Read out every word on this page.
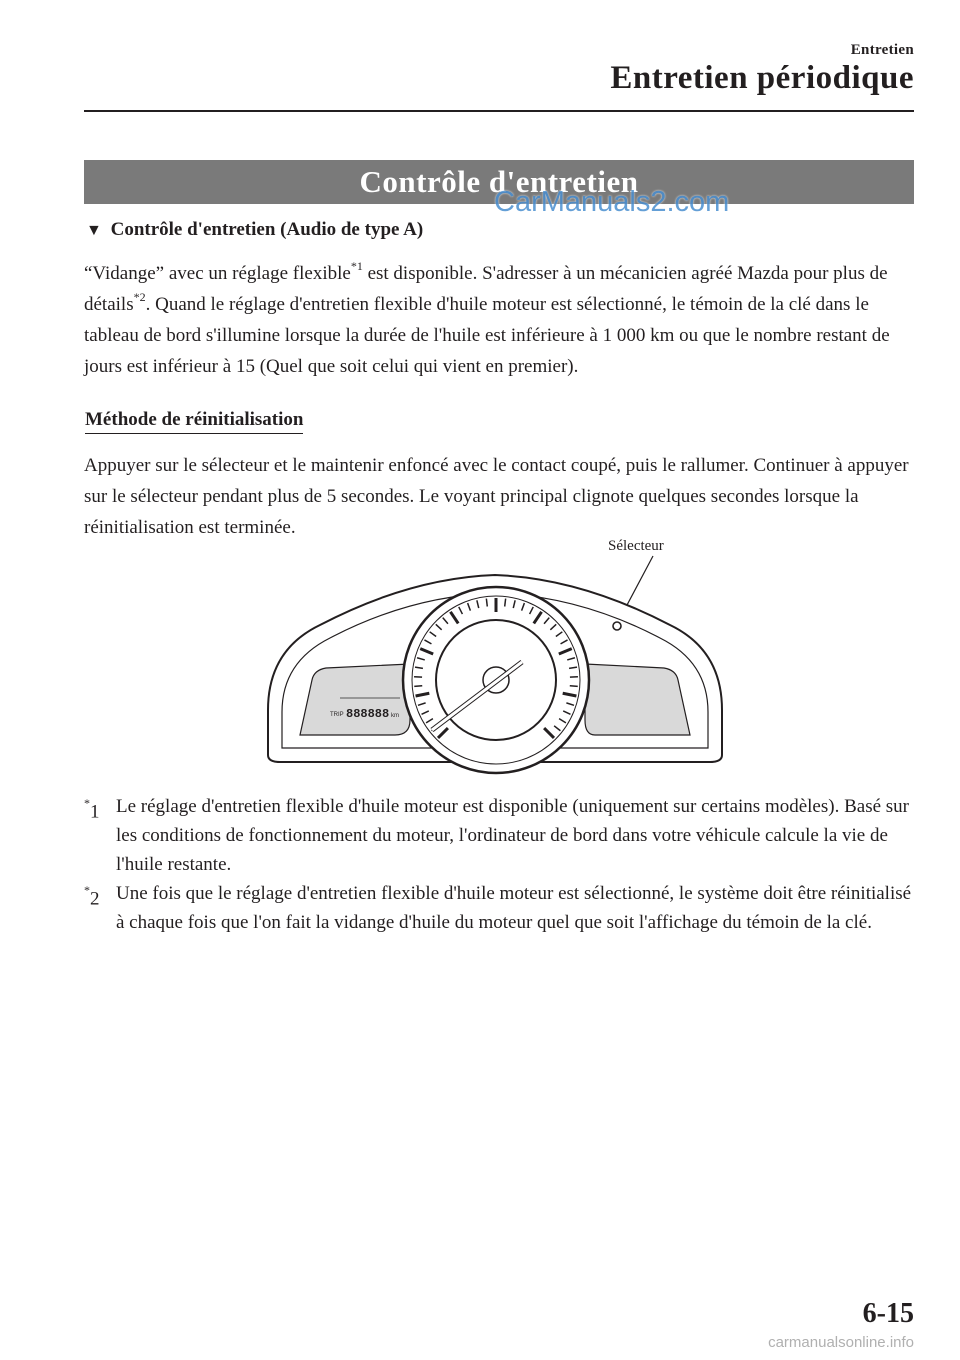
Entretien
Entretien périodique
Contrôle d'entretien
CarManuals2.com
▼ Contrôle d'entretien (Audio de type A)
“Vidange” avec un réglage flexible$^{*1}$ est disponible. S'adresser à un mécanicien agréé Mazda pour plus de détails$^{*2}$. Quand le réglage d'entretien flexible d'huile moteur est sélectionné, le témoin de la clé dans le tableau de bord s'illumine lorsque la durée de l'huile est inférieure à 1 000 km ou que le nombre restant de jours est inférieur à 15 (Quel que soit celui qui vient en premier).
Méthode de réinitialisation
Appuyer sur le sélecteur et le maintenir enfoncé avec le contact coupé, puis le rallumer. Continuer à appuyer sur le sélecteur pendant plus de 5 secondes. Le voyant principal clignote quelques secondes lorsque la réinitialisation est terminée.
Sélecteur
TRIP 888888 km
*1 Le réglage d'entretien flexible d'huile moteur est disponible (uniquement sur certains modèles). Basé sur les conditions de fonctionnement du moteur, l'ordinateur de bord dans votre véhicule calcule la vie de l'huile restante.
*2 Une fois que le réglage d'entretien flexible d'huile moteur est sélectionné, le système doit être réinitialisé à chaque fois que l'on fait la vidange d'huile du moteur quel que soit l'affichage du témoin de la clé.
6-15
carmanualsonline.info
